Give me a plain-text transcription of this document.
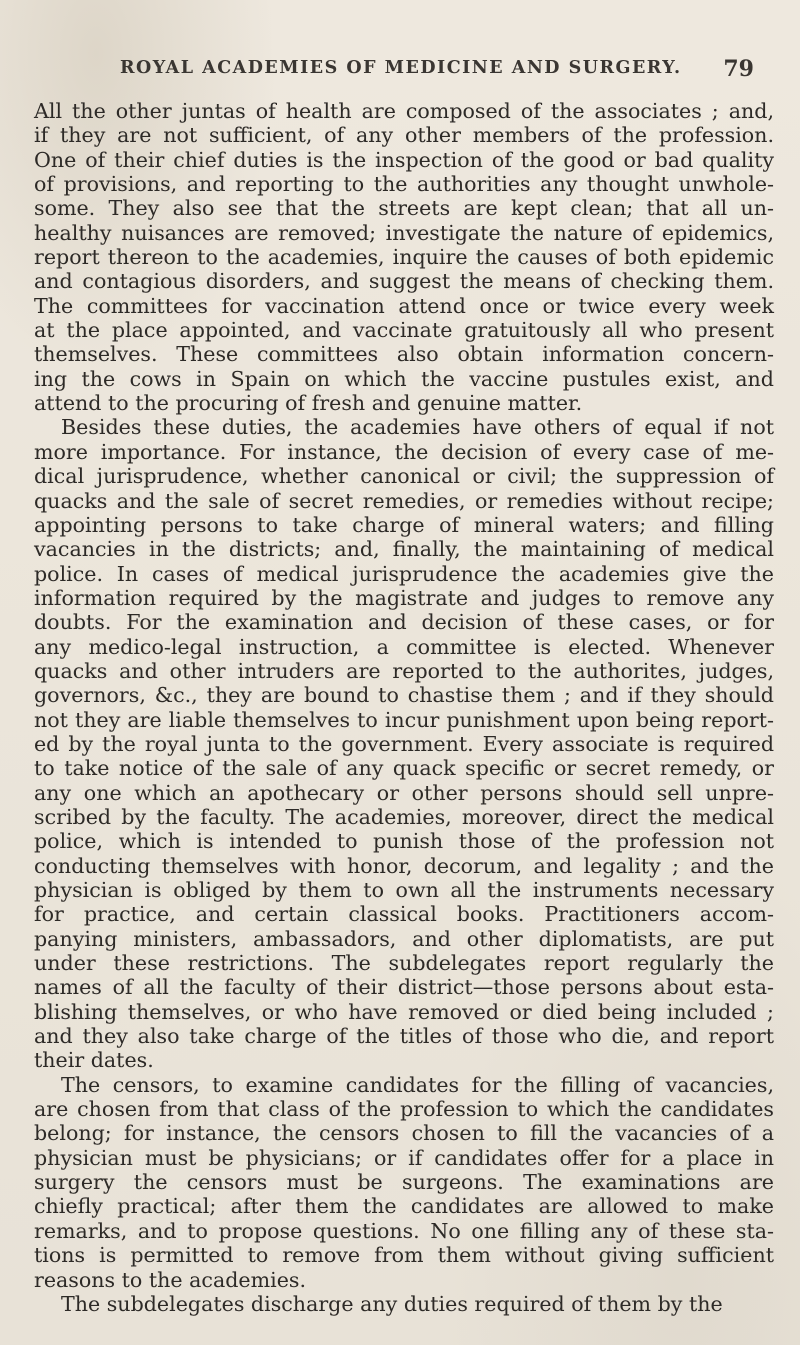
ROYAL ACADEMIES OF MEDICINE AND SURGERY. 79
All the other juntas of health are composed of the associates ; and,
if they are not sufficient, of any other members of the profession.
One of their chief duties is the inspection of the good or bad quality
of provisions, and reporting to the authorities any thought unwhole-
some. They also see that the streets are kept clean; that all un-
healthy nuisances are removed; investigate the nature of epidemics,
report thereon to the academies, inquire the causes of both epidemic
and contagious disorders, and suggest the means of checking them.
The committees for vaccination attend once or twice every week
at the place appointed, and vaccinate gratuitously all who present
themselves. These committees also obtain information concern-
ing the cows in Spain on which the vaccine pustules exist, and
attend to the procuring of fresh and genuine matter.
Besides these duties, the academies have others of equal if not
more importance. For instance, the decision of every case of me-
dical jurisprudence, whether canonical or civil; the suppression of
quacks and the sale of secret remedies, or remedies without recipe;
appointing persons to take charge of mineral waters; and filling
vacancies in the districts; and, finally, the maintaining of medical
police. In cases of medical jurisprudence the academies give the
information required by the magistrate and judges to remove any
doubts. For the examination and decision of these cases, or for
any medico-legal instruction, a committee is elected. Whenever
quacks and other intruders are reported to the authorites, judges,
governors, &c., they are bound to chastise them ; and if they should
not they are liable themselves to incur punishment upon being report-
ed by the royal junta to the government. Every associate is required
to take notice of the sale of any quack specific or secret remedy, or
any one which an apothecary or other persons should sell unpre-
scribed by the faculty. The academies, moreover, direct the medical
police, which is intended to punish those of the profession not
conducting themselves with honor, decorum, and legality ; and the
physician is obliged by them to own all the instruments necessary
for practice, and certain classical books. Practitioners accom-
panying ministers, ambassadors, and other diplomatists, are put
under these restrictions. The subdelegates report regularly the
names of all the faculty of their district—those persons about esta-
blishing themselves, or who have removed or died being included ;
and they also take charge of the titles of those who die, and report
their dates.
The censors, to examine candidates for the filling of vacancies,
are chosen from that class of the profession to which the candidates
belong; for instance, the censors chosen to fill the vacancies of a
physician must be physicians; or if candidates offer for a place in
surgery the censors must be surgeons. The examinations are
chiefly practical; after them the candidates are allowed to make
remarks, and to propose questions. No one filling any of these sta-
tions is permitted to remove from them without giving sufficient
reasons to the academies.
The subdelegates discharge any duties required of them by the
